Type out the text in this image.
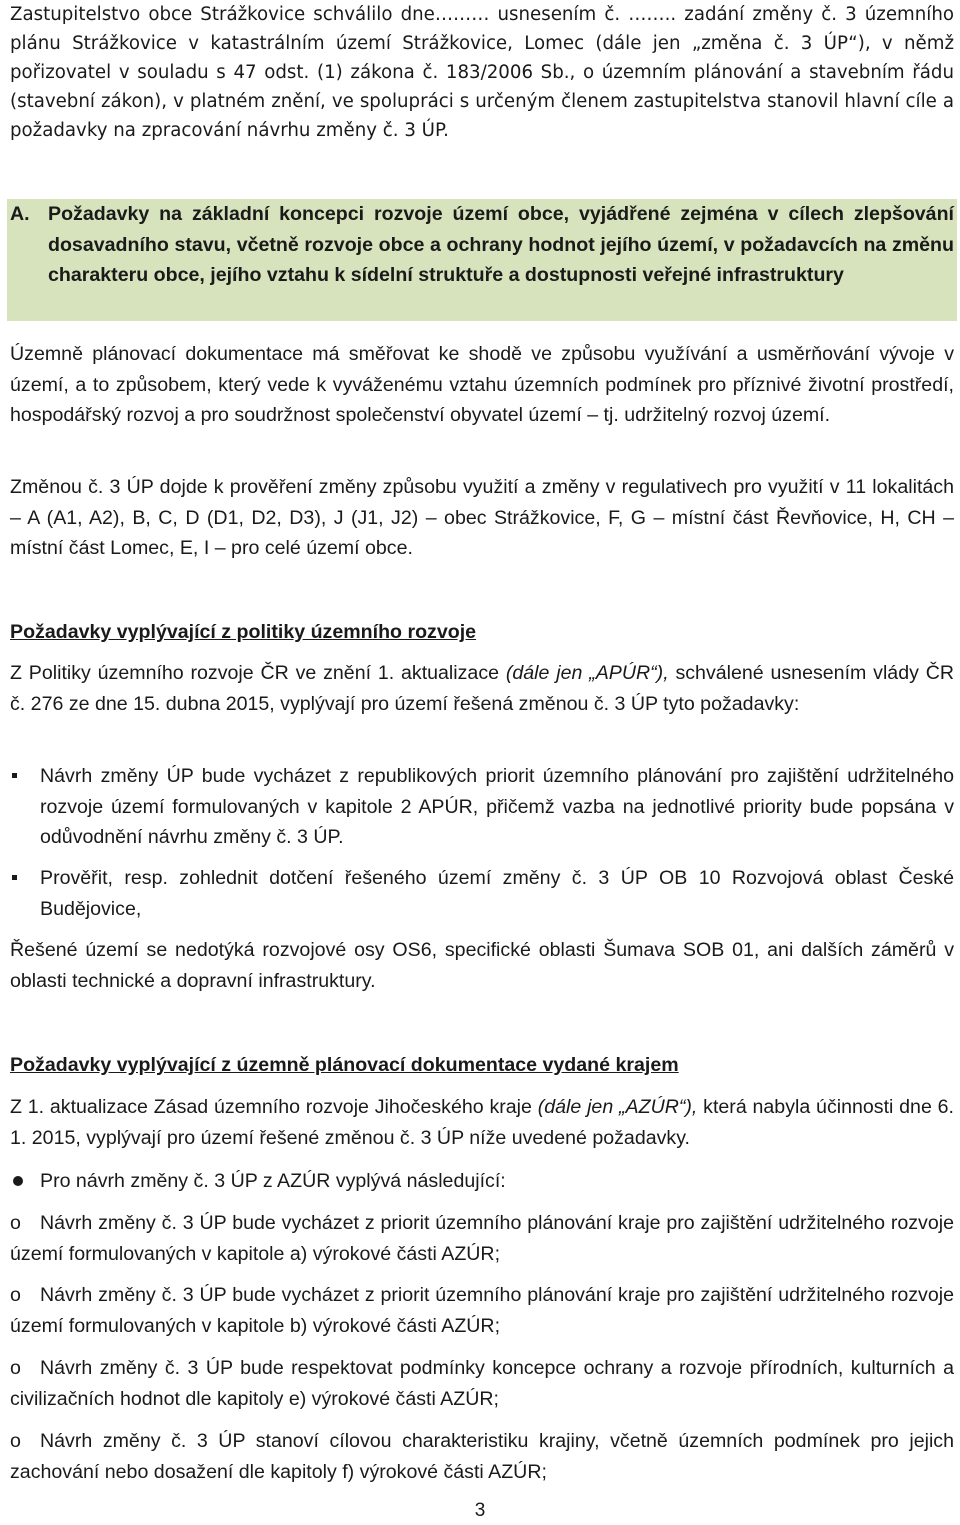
Zastupitelstvo obce Strážkovice schválilo dne……… usnesením č. …….. zadání změny č. 3 územního plánu Strážkovice v katastrálním území Strážkovice, Lomec (dále jen „změna č. 3 ÚP“), v němž pořizovatel v souladu s 47 odst. (1) zákona č. 183/2006 Sb., o územním plánování a stavebním řádu (stavební zákon), v platném znění, ve spolupráci s určeným členem zastupitelstva stanovil hlavní cíle a požadavky na zpracování návrhu změny č. 3 ÚP.

A. Požadavky na základní koncepci rozvoje území obce, vyjádřené zejména v cílech zlepšování dosavadního stavu, včetně rozvoje obce a ochrany hodnot jejího území, v požadavcích na změnu charakteru obce, jejího vztahu k sídelní struktuře a dostupnosti veřejné infrastruktury

Územně plánovací dokumentace má směřovat ke shodě ve způsobu využívání a usměrňování vývoje v území, a to způsobem, který vede k vyváženému vztahu územních podmínek pro příznivé životní prostředí, hospodářský rozvoj a pro soudržnost společenství obyvatel území – tj. udržitelný rozvoj území.

Změnou č. 3 ÚP dojde k prověření změny způsobu využití a změny v regulativech pro využití v 11 lokalitách – A (A1, A2), B, C, D (D1, D2, D3), J (J1, J2) – obec Strážkovice, F, G – místní část Řevňovice, H, CH – místní část Lomec, E, I – pro celé území obce.

Požadavky vyplývající z politiky územního rozvoje

Z Politiky územního rozvoje ČR ve znění 1. aktualizace (dále jen „APÚR“), schválené usnesením vlády ČR č. 276 ze dne 15. dubna 2015, vyplývají pro území řešená změnou č. 3 ÚP tyto požadavky:

Návrh změny ÚP bude vycházet z republikových priorit územního plánování pro zajištění udržitelného rozvoje území formulovaných v kapitole 2 APÚR, přičemž vazba na jednotlivé priority bude popsána v odůvodnění návrhu změny č. 3 ÚP.

Prověřit, resp. zohlednit dotčení řešeného území změny č. 3 ÚP OB 10 Rozvojová oblast České Budějovice,

Řešené území se nedotýká rozvojové osy OS6, specifické oblasti Šumava SOB 01, ani dalších záměrů v oblasti technické a dopravní infrastruktury.

Požadavky vyplývající z územně plánovací dokumentace vydané krajem

Z 1. aktualizace Zásad územního rozvoje Jihočeského kraje (dále jen „AZÚR“), která nabyla účinnosti dne 6. 1. 2015, vyplývají pro území řešené změnou č. 3 ÚP níže uvedené požadavky.

Pro návrh změny č. 3 ÚP z AZÚR vyplývá následující:

o Návrh změny č. 3 ÚP bude vycházet z priorit územního plánování kraje pro zajištění udržitelného rozvoje území formulovaných v kapitole a) výrokové části AZÚR;

o Návrh změny č. 3 ÚP bude vycházet z priorit územního plánování kraje pro zajištění udržitelného rozvoje území formulovaných v kapitole b) výrokové části AZÚR;

o Návrh změny č. 3 ÚP bude respektovat podmínky koncepce ochrany a rozvoje přírodních, kulturních a civilizačních hodnot dle kapitoly e) výrokové části AZÚR;

o Návrh změny č. 3 ÚP stanoví cílovou charakteristiku krajiny, včetně územních podmínek pro jejich zachování nebo dosažení dle kapitoly f) výrokové části AZÚR;

3
